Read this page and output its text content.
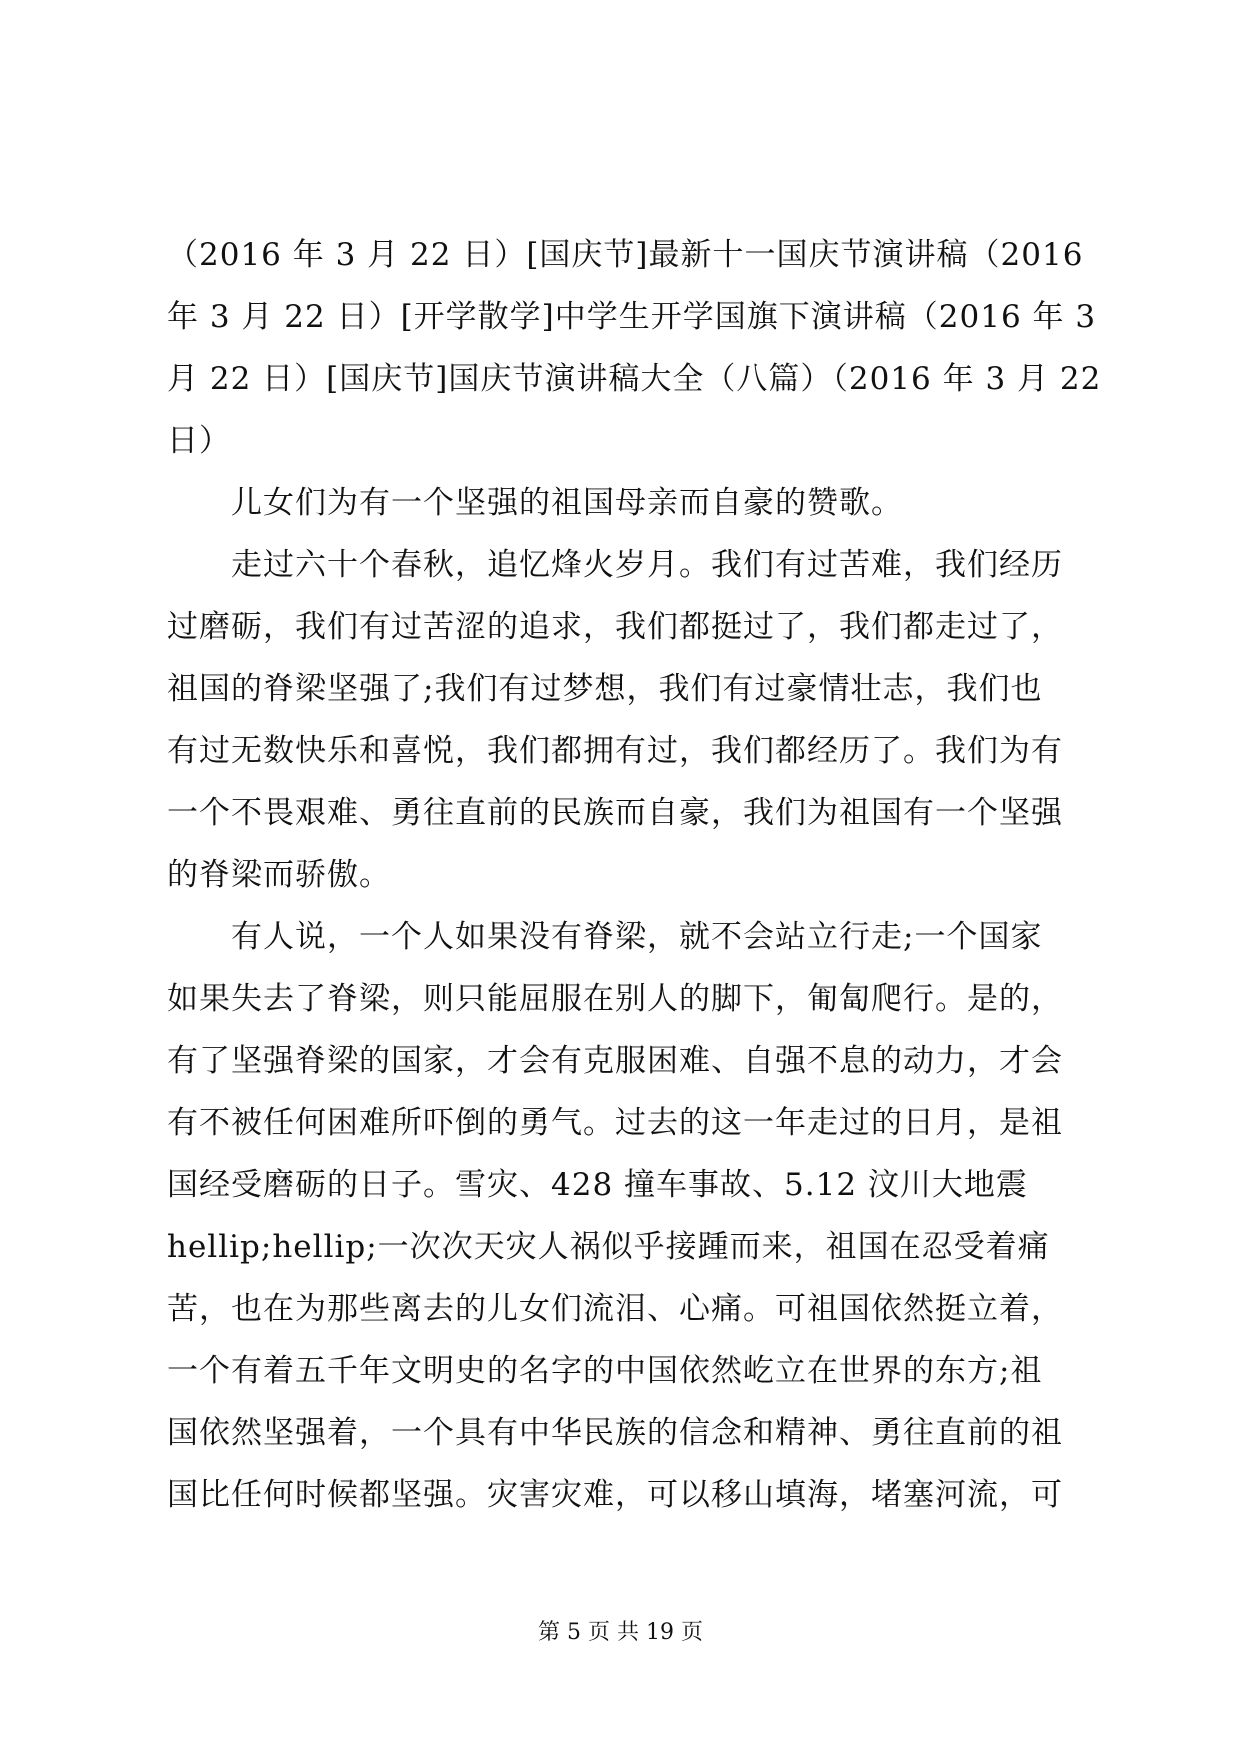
（2016 年 3 月 22 日）[国庆节]最新十一国庆节演讲稿（2016
年 3 月 22 日）[开学散学]中学生开学国旗下演讲稿（2016 年 3
月 22 日）[国庆节]国庆节演讲稿大全（八篇）（2016 年 3 月 22
日）
　　儿女们为有一个坚强的祖国母亲而自豪的赞歌。
　　走过六十个春秋，追忆烽火岁月。我们有过苦难，我们经历
过磨砺，我们有过苦涩的追求，我们都挺过了，我们都走过了，
祖国的脊梁坚强了;我们有过梦想，我们有过豪情壮志，我们也
有过无数快乐和喜悦，我们都拥有过，我们都经历了。我们为有
一个不畏艰难、勇往直前的民族而自豪，我们为祖国有一个坚强
的脊梁而骄傲。
　　有人说，一个人如果没有脊梁，就不会站立行走;一个国家
如果失去了脊梁，则只能屈服在别人的脚下，匍匐爬行。是的，
有了坚强脊梁的国家，才会有克服困难、自强不息的动力，才会
有不被任何困难所吓倒的勇气。过去的这一年走过的日月，是祖
国经受磨砺的日子。雪灾、428 撞车事故、5.12 汶川大地震
hellip;hellip;一次次天灾人祸似乎接踵而来，祖国在忍受着痛
苦，也在为那些离去的儿女们流泪、心痛。可祖国依然挺立着，
一个有着五千年文明史的名字的中国依然屹立在世界的东方;祖
国依然坚强着，一个具有中华民族的信念和精神、勇往直前的祖
国比任何时候都坚强。灾害灾难，可以移山填海，堵塞河流，可
第 5 页 共 19 页
